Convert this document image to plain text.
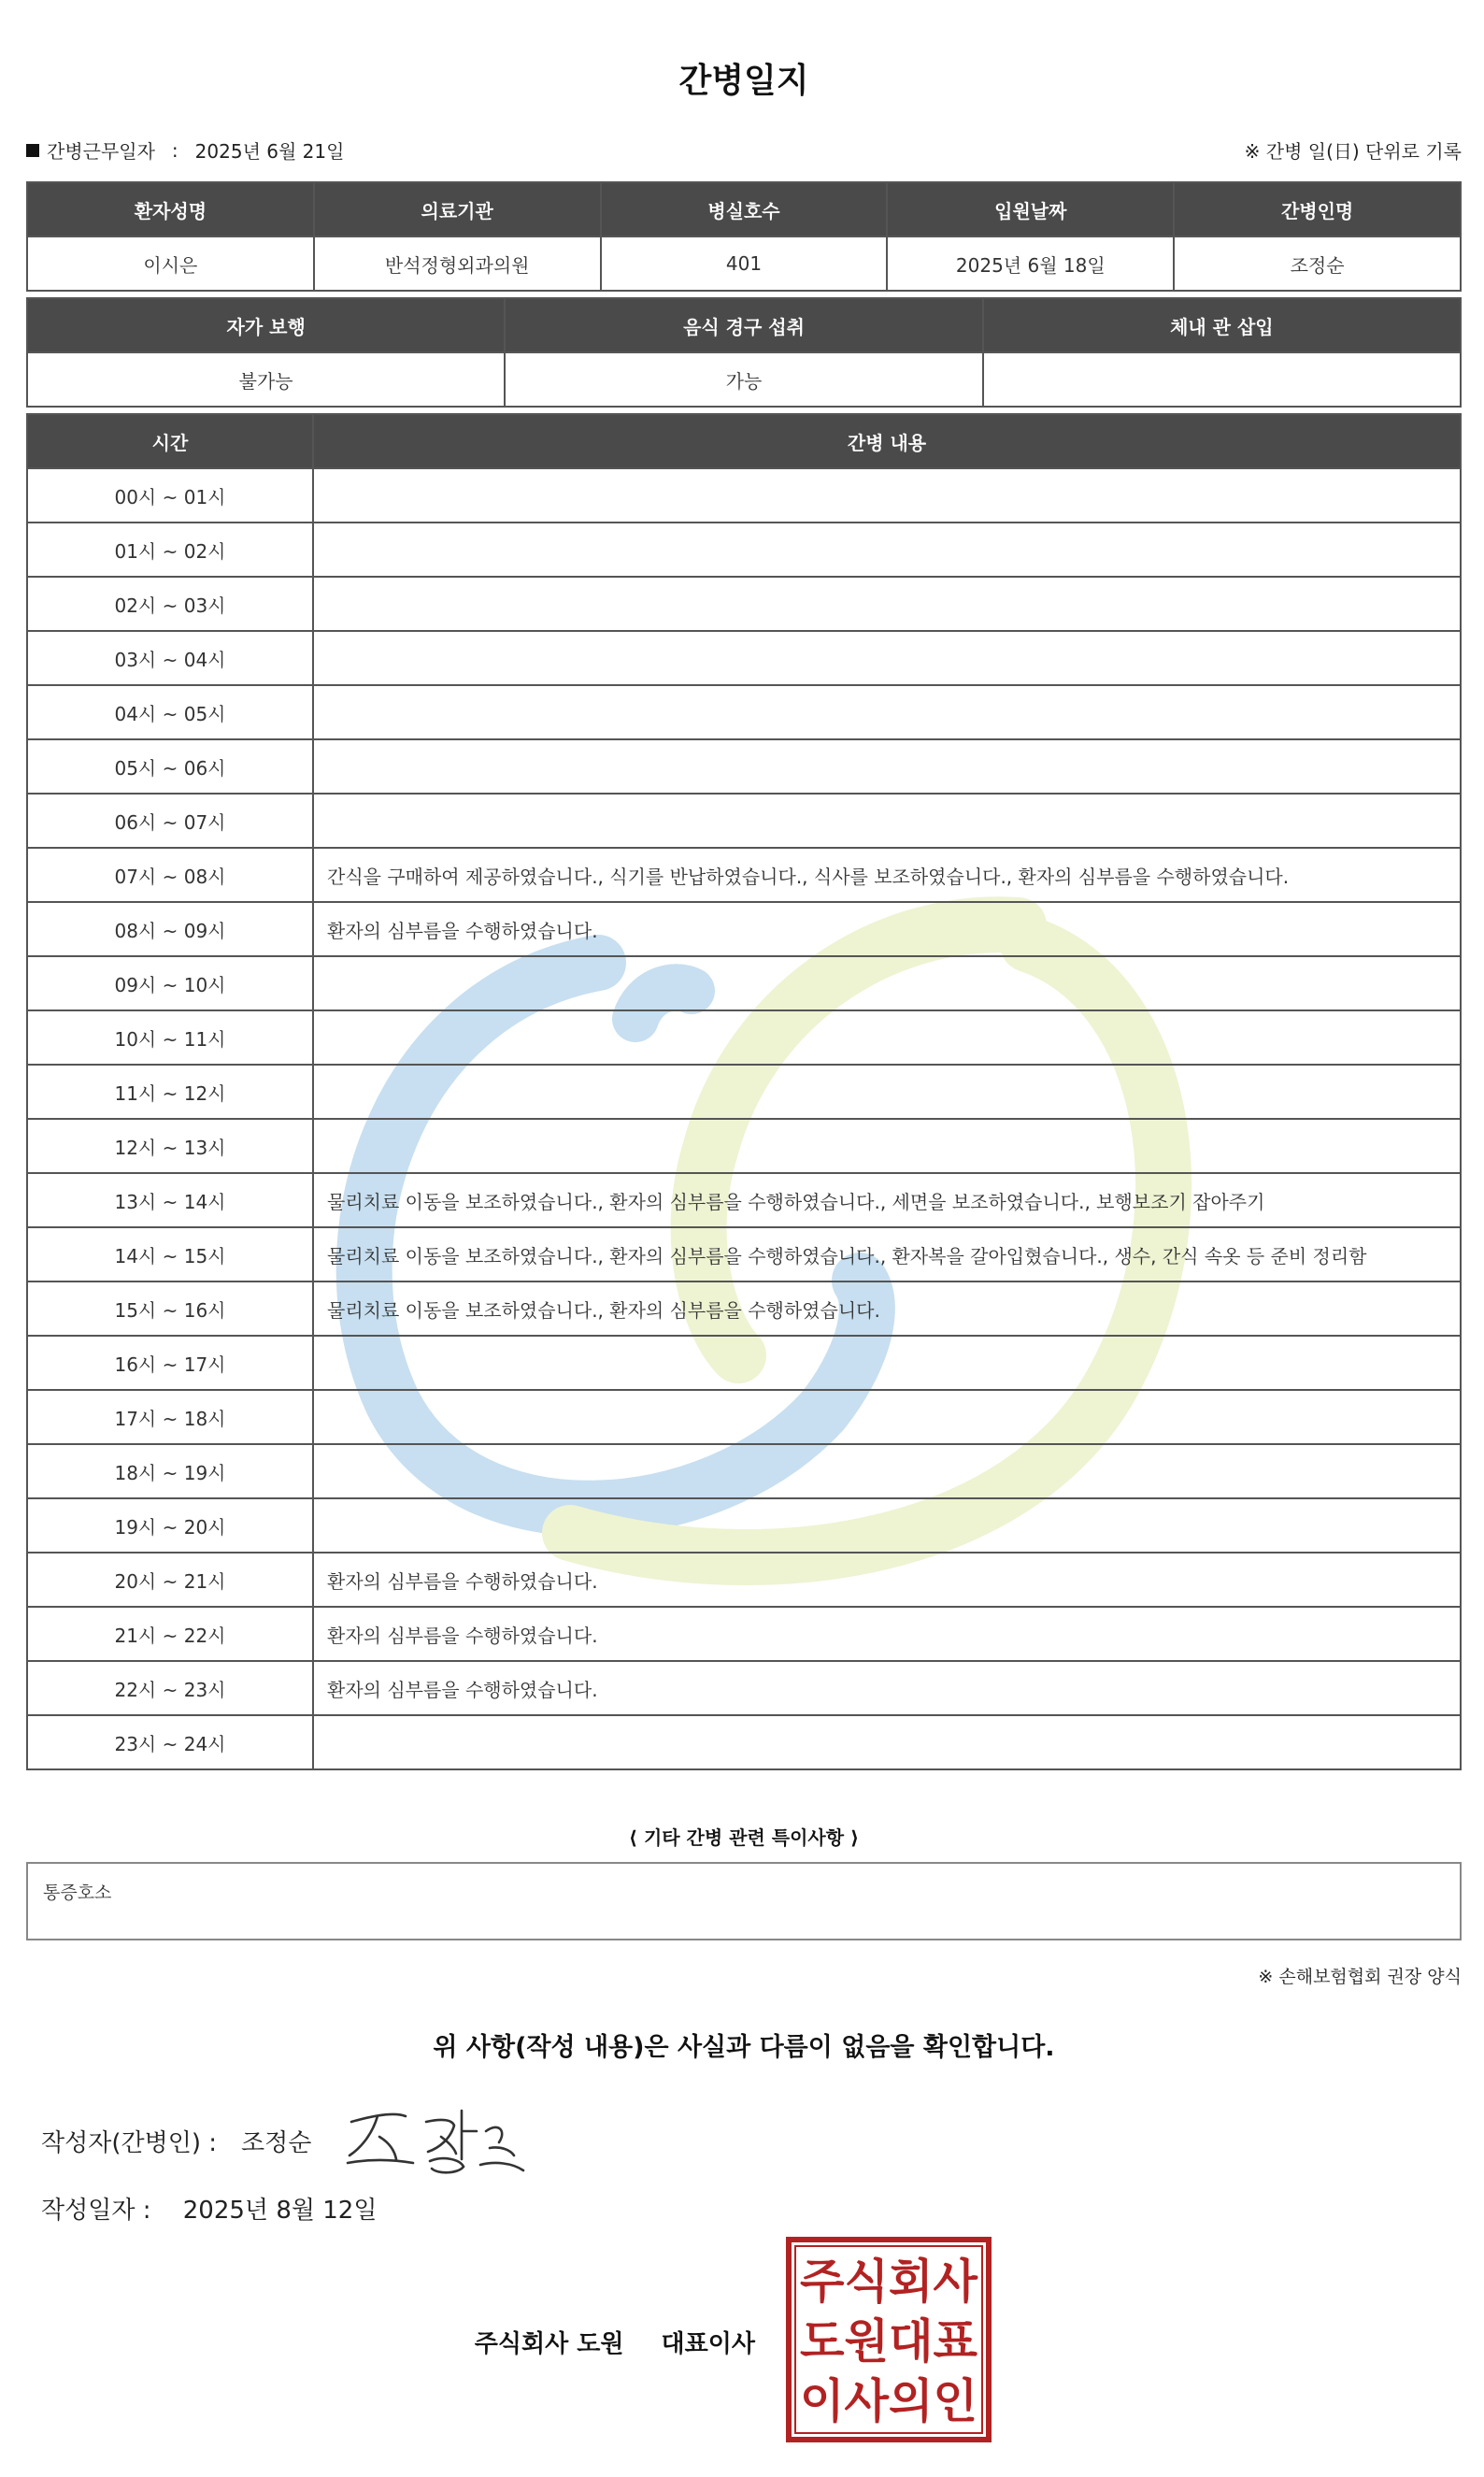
간병일지
간병근무일자 : 2025년 6월 21일	※ 간병 일(日) 단위로 기록
환자성명	의료기관	병실호수	입원날짜	간병인명
이시은	반석정형외과의원	401	2025년 6월 18일	조정순
자가 보행	음식 경구 섭취	체내 관 삽입
불가능	가능	
시간	간병 내용
00시 ~ 01시	
01시 ~ 02시	
02시 ~ 03시	
03시 ~ 04시	
04시 ~ 05시	
05시 ~ 06시	
06시 ~ 07시	
07시 ~ 08시	간식을 구매하여 제공하였습니다., 식기를 반납하였습니다., 식사를 보조하였습니다., 환자의 심부름을 수행하였습니다.
08시 ~ 09시	환자의 심부름을 수행하였습니다.
09시 ~ 10시	
10시 ~ 11시	
11시 ~ 12시	
12시 ~ 13시	
13시 ~ 14시	물리치료 이동을 보조하였습니다., 환자의 심부름을 수행하였습니다., 세면을 보조하였습니다., 보행보조기 잡아주기
14시 ~ 15시	물리치료 이동을 보조하였습니다., 환자의 심부름을 수행하였습니다., 환자복을 갈아입혔습니다., 생수, 간식 속옷 등 준비 정리함
15시 ~ 16시	물리치료 이동을 보조하였습니다., 환자의 심부름을 수행하였습니다.
16시 ~ 17시	
17시 ~ 18시	
18시 ~ 19시	
19시 ~ 20시	
20시 ~ 21시	환자의 심부름을 수행하였습니다.
21시 ~ 22시	환자의 심부름을 수행하였습니다.
22시 ~ 23시	환자의 심부름을 수행하였습니다.
23시 ~ 24시	
⟨ 기타 간병 관련 특이사항 ⟩
통증호소
※ 손해보험협회 권장 양식
위 사항(작성 내용)은 사실과 다름이 없음을 확인합니다.
작성자(간병인) : 조정순
작성일자 : 2025년 8월 12일
주식회사 도원 대표이사
주식회사
도원대표
이사의인
